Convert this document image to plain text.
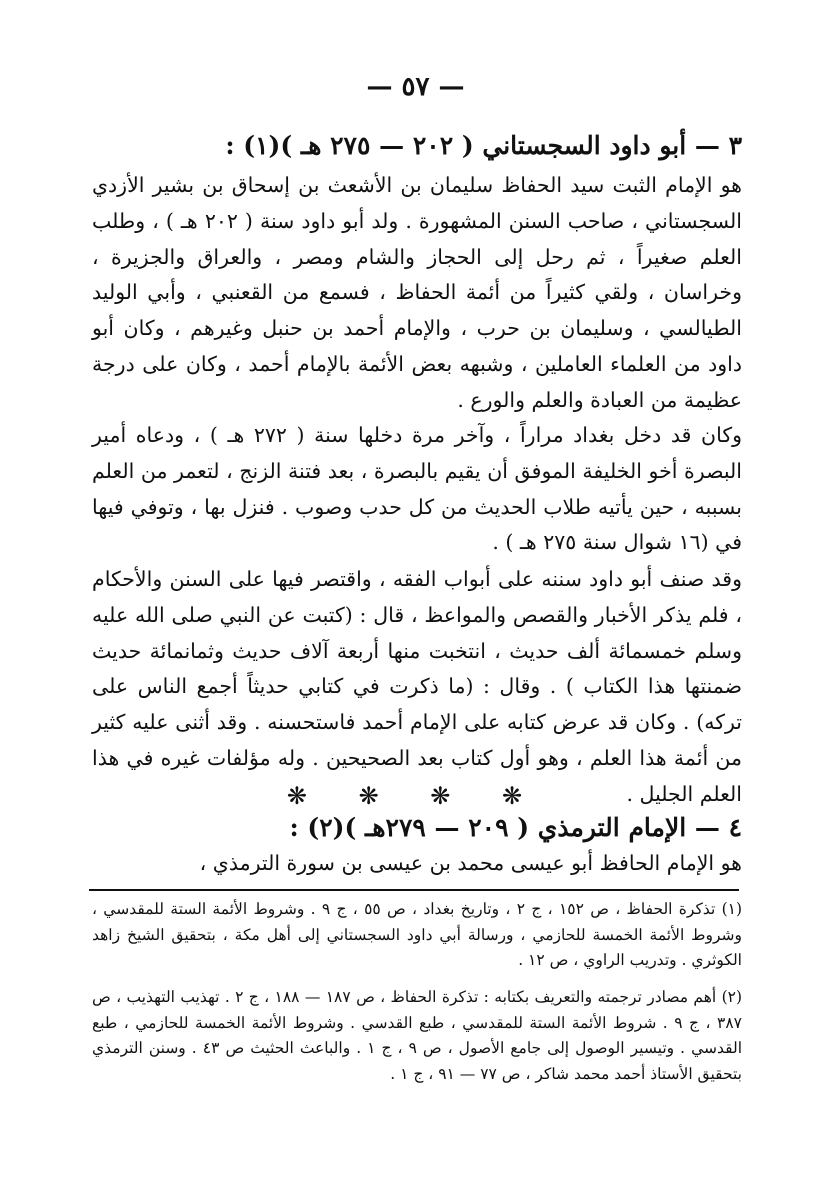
— ٥٧ —
٣ — أبو داود السجستاني ( ٢٠٢ — ٢٧٥ هـ )(١) :
هو الإمام الثبت سيد الحفاظ سليمان بن الأشعث بن إسحاق بن بشير الأزدي السجستاني ، صاحب السنن المشهورة . ولد أبو داود سنة ( ٢٠٢ هـ ) ، وطلب العلم صغيراً ، ثم رحل إلى الحجاز والشام ومصر ، والعراق والجزيرة ، وخراسان ، ولقي كثيراً من أئمة الحفاظ ، فسمع من القعنبي ، وأبي الوليد الطيالسي ، وسليمان بن حرب ، والإمام أحمد بن حنبل وغيرهم ، وكان أبو داود من العلماء العاملين ، وشبهه بعض الأئمة بالإمام أحمد ، وكان على درجة عظيمة من العبادة والعلم والورع .
وكان قد دخل بغداد مراراً ، وآخر مرة دخلها سنة ( ٢٧٢ هـ ) ، ودعاه أمير البصرة أخو الخليفة الموفق أن يقيم بالبصرة ، بعد فتنة الزنج ، لتعمر من العلم بسببه ، حين يأتيه طلاب الحديث من كل حدب وصوب . فنزل بها ، وتوفي فيها في (١٦ شوال سنة ٢٧٥ هـ ) .
وقد صنف أبو داود سننه على أبواب الفقه ، واقتصر فيها على السنن والأحكام ، فلم يذكر الأخبار والقصص والمواعظ ، قال : (كتبت عن النبي صلى الله عليه وسلم خمسمائة ألف حديث ، انتخبت منها أربعة آلاف حديث وثمانمائة حديث ضمنتها هذا الكتاب ) . وقال : (ما ذكرت في كتابي حديثاً أجمع الناس على تركه) . وكان قد عرض كتابه على الإمام أحمد فاستحسنه . وقد أثنى عليه كثير من أئمة هذا العلم ، وهو أول كتاب بعد الصحيحين . وله مؤلفات غيره في هذا العلم الجليل .
❋ ❋ ❋ ❋
٤ — الإمام الترمذي ( ٢٠٩ — ٢٧٩هـ )(٢) :
هو الإمام الحافظ أبو عيسى محمد بن عيسى بن سورة الترمذي ،
(١) تذكرة الحفاظ ، ص ١٥٢ ، ج ٢ ، وتاريخ بغداد ، ص ٥٥ ، ج ٩ . وشروط الأئمة الستة للمقدسي ، وشروط الأئمة الخمسة للحازمي ، ورسالة أبي داود السجستاني إلى أهل مكة ، بتحقيق الشيخ زاهد الكوثري . وتدريب الراوي ، ص ١٢ .
(٢) أهم مصادر ترجمته والتعريف بكتابه : تذكرة الحفاظ ، ص ١٨٧ — ١٨٨ ، ج ٢ . تهذيب التهذيب ، ص ٣٨٧ ، ج ٩ . شروط الأئمة الستة للمقدسي ، طبع القدسي . وشروط الأئمة الخمسة للحازمي ، طبع القدسي . وتيسير الوصول إلى جامع الأصول ، ص ٩ ، ج ١ . والباعث الحثيث ص ٤٣ . وسنن الترمذي بتحقيق الأستاذ أحمد محمد شاكر ، ص ٧٧ — ٩١ ، ج ١ .
